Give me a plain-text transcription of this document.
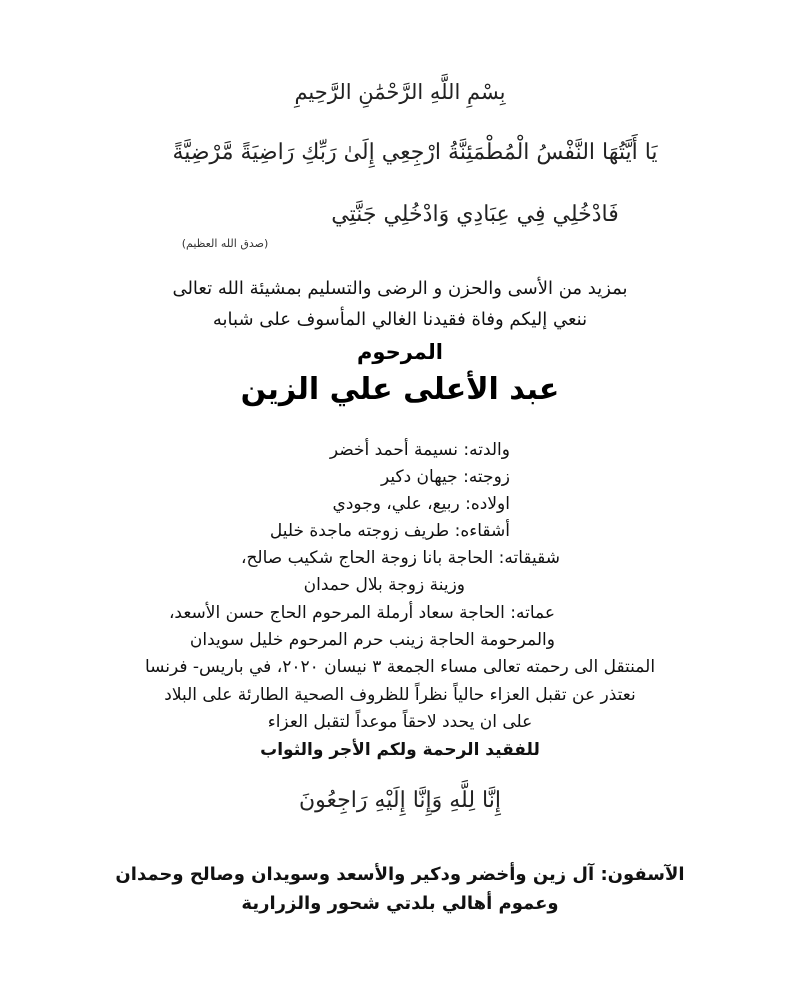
بِسْمِ اللَّهِ الرَّحْمَٰنِ الرَّحِيمِ
يَا أَيَّتُهَا النَّفْسُ الْمُطْمَئِنَّةُ ارْجِعِي إِلَىٰ رَبِّكِ رَاضِيَةً مَّرْضِيَّةً
فَادْخُلِي فِي عِبَادِي وَادْخُلِي جَنَّتِي
(صدق الله العظيم)
بمزيد من الأسى والحزن و الرضى والتسليم بمشيئة الله تعالى
ننعي إليكم وفاة فقيدنا الغالي المأسوف على شبابه
المرحوم
عبد الأعلى علي الزين
والدته: نسيمة أحمد أخضر
زوجته: جيهان دكير
اولاده: ربيع، علي، وجودي
أشقاءه: طريف زوجته ماجدة خليل
شقيقاته: الحاجة بانا زوجة الحاج شكيب صالح،
وزينة زوجة بلال حمدان
عماته: الحاجة سعاد أرملة المرحوم الحاج حسن الأسعد،
والمرحومة الحاجة زينب حرم المرحوم خليل سويدان
المنتقل الى رحمته تعالى مساء الجمعة ٣ نيسان ٢٠٢٠، في باريس- فرنسا
نعتذر عن تقبل العزاء حالياً نظراً للظروف الصحية الطارئة على البلاد
على ان يحدد لاحقاً موعداً لتقبل العزاء
للفقيد الرحمة ولكم الأجر والثواب
إِنَّا لِلَّهِ وَإِنَّا إِلَيْهِ رَاجِعُونَ
الآسفون: آل زين وأخضر ودكير والأسعد وسويدان وصالح وحمدان
وعموم أهالي بلدتي شحور والزرارية
